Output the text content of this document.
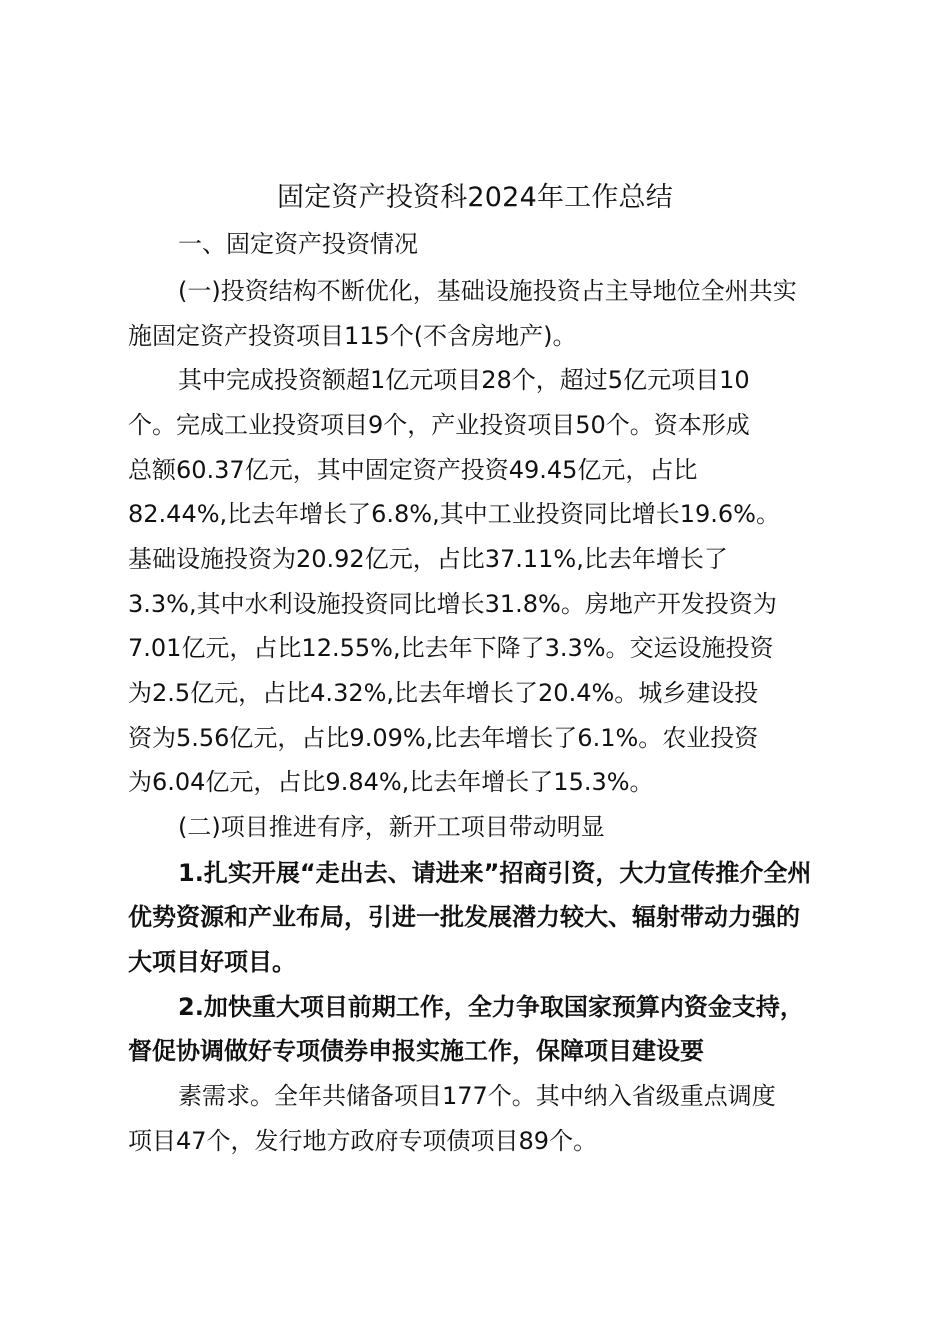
固定资产投资科2024年工作总结

一、固定资产投资情况

(一)投资结构不断优化，基础设施投资占主导地位全州共实

施固定资产投资项目115个(不含房地产)。

其中完成投资额超1亿元项目28个，超过5亿元项目10

个。完成工业投资项目9个，产业投资项目50个。资本形成

总额60.37亿元，其中固定资产投资49.45亿元，占比

82.44%,比去年增长了6.8%,其中工业投资同比增长19.6%。

基础设施投资为20.92亿元，占比37.11%,比去年增长了

3.3%,其中水利设施投资同比增长31.8%。房地产开发投资为

7.01亿元，占比12.55%,比去年下降了3.3%。交运设施投资

为2.5亿元，占比4.32%,比去年增长了20.4%。城乡建设投

资为5.56亿元，占比9.09%,比去年增长了6.1%。农业投资

为6.04亿元，占比9.84%,比去年增长了15.3%。

(二)项目推进有序，新开工项目带动明显

1.扎实开展“走出去、请进来”招商引资，大力宣传推介全州

优势资源和产业布局，引进一批发展潜力较大、辐射带动力强的

大项目好项目。

2.加快重大项目前期工作，全力争取国家预算内资金支持，

督促协调做好专项债券申报实施工作，保障项目建设要

素需求。全年共储备项目177个。其中纳入省级重点调度

项目47个，发行地方政府专项债项目89个。
